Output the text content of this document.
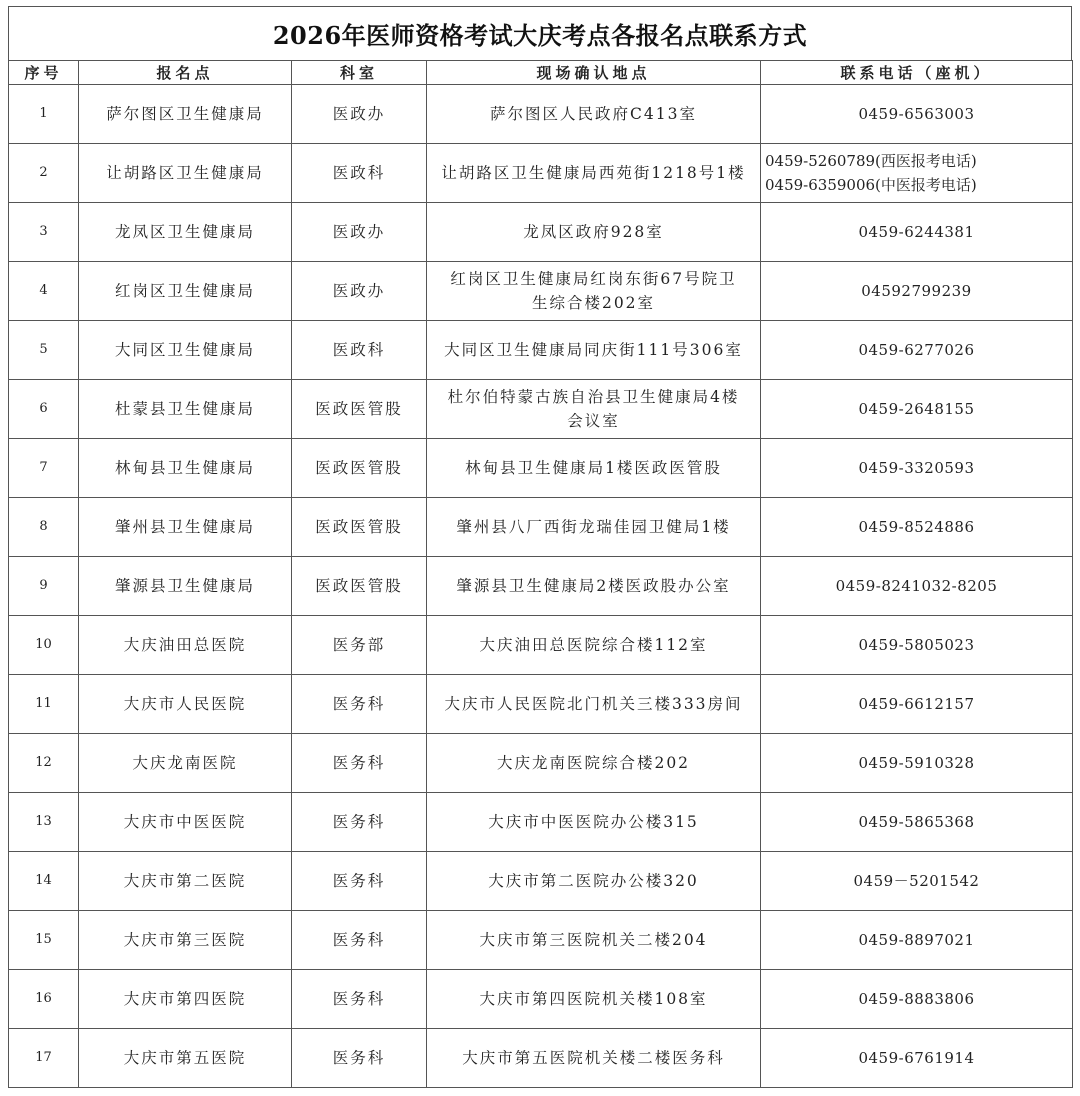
2026年医师资格考试大庆考点各报名点联系方式
序号	报名点	科室	现场确认地点	联系电话（座机）
1	萨尔图区卫生健康局	医政办	萨尔图区人民政府C413室	0459-6563003

2	让胡路区卫生健康局	医政科	让胡路区卫生健康局西苑街1218号1楼	0459-5260789(西医报考电话)
0459-6359006(中医报考电话)

3	龙凤区卫生健康局	医政办	龙凤区政府928室	0459-6244381

4	红岗区卫生健康局	医政办	红岗区卫生健康局红岗东街67号院卫
生综合楼202室	04592799239

5	大同区卫生健康局	医政科	大同区卫生健康局同庆街111号306室	0459-6277026

6	杜蒙县卫生健康局	医政医管股	杜尔伯特蒙古族自治县卫生健康局4楼
会议室	0459-2648155

7	林甸县卫生健康局	医政医管股	林甸县卫生健康局1楼医政医管股	0459-3320593

8	肇州县卫生健康局	医政医管股	肇州县八厂西街龙瑞佳园卫健局1楼	0459-8524886

9	肇源县卫生健康局	医政医管股	肇源县卫生健康局2楼医政股办公室	0459-8241032-8205

10	大庆油田总医院	医务部	大庆油田总医院综合楼112室	0459-5805023

11	大庆市人民医院	医务科	大庆市人民医院北门机关三楼333房间	0459-6612157

12	大庆龙南医院	医务科	大庆龙南医院综合楼202	0459-5910328

13	大庆市中医医院	医务科	大庆市中医医院办公楼315	0459-5865368

14	大庆市第二医院	医务科	大庆市第二医院办公楼320	0459－5201542

15	大庆市第三医院	医务科	大庆市第三医院机关二楼204	0459-8897021

16	大庆市第四医院	医务科	大庆市第四医院机关楼108室	0459-8883806

17	大庆市第五医院	医务科	大庆市第五医院机关楼二楼医务科	0459-6761914
